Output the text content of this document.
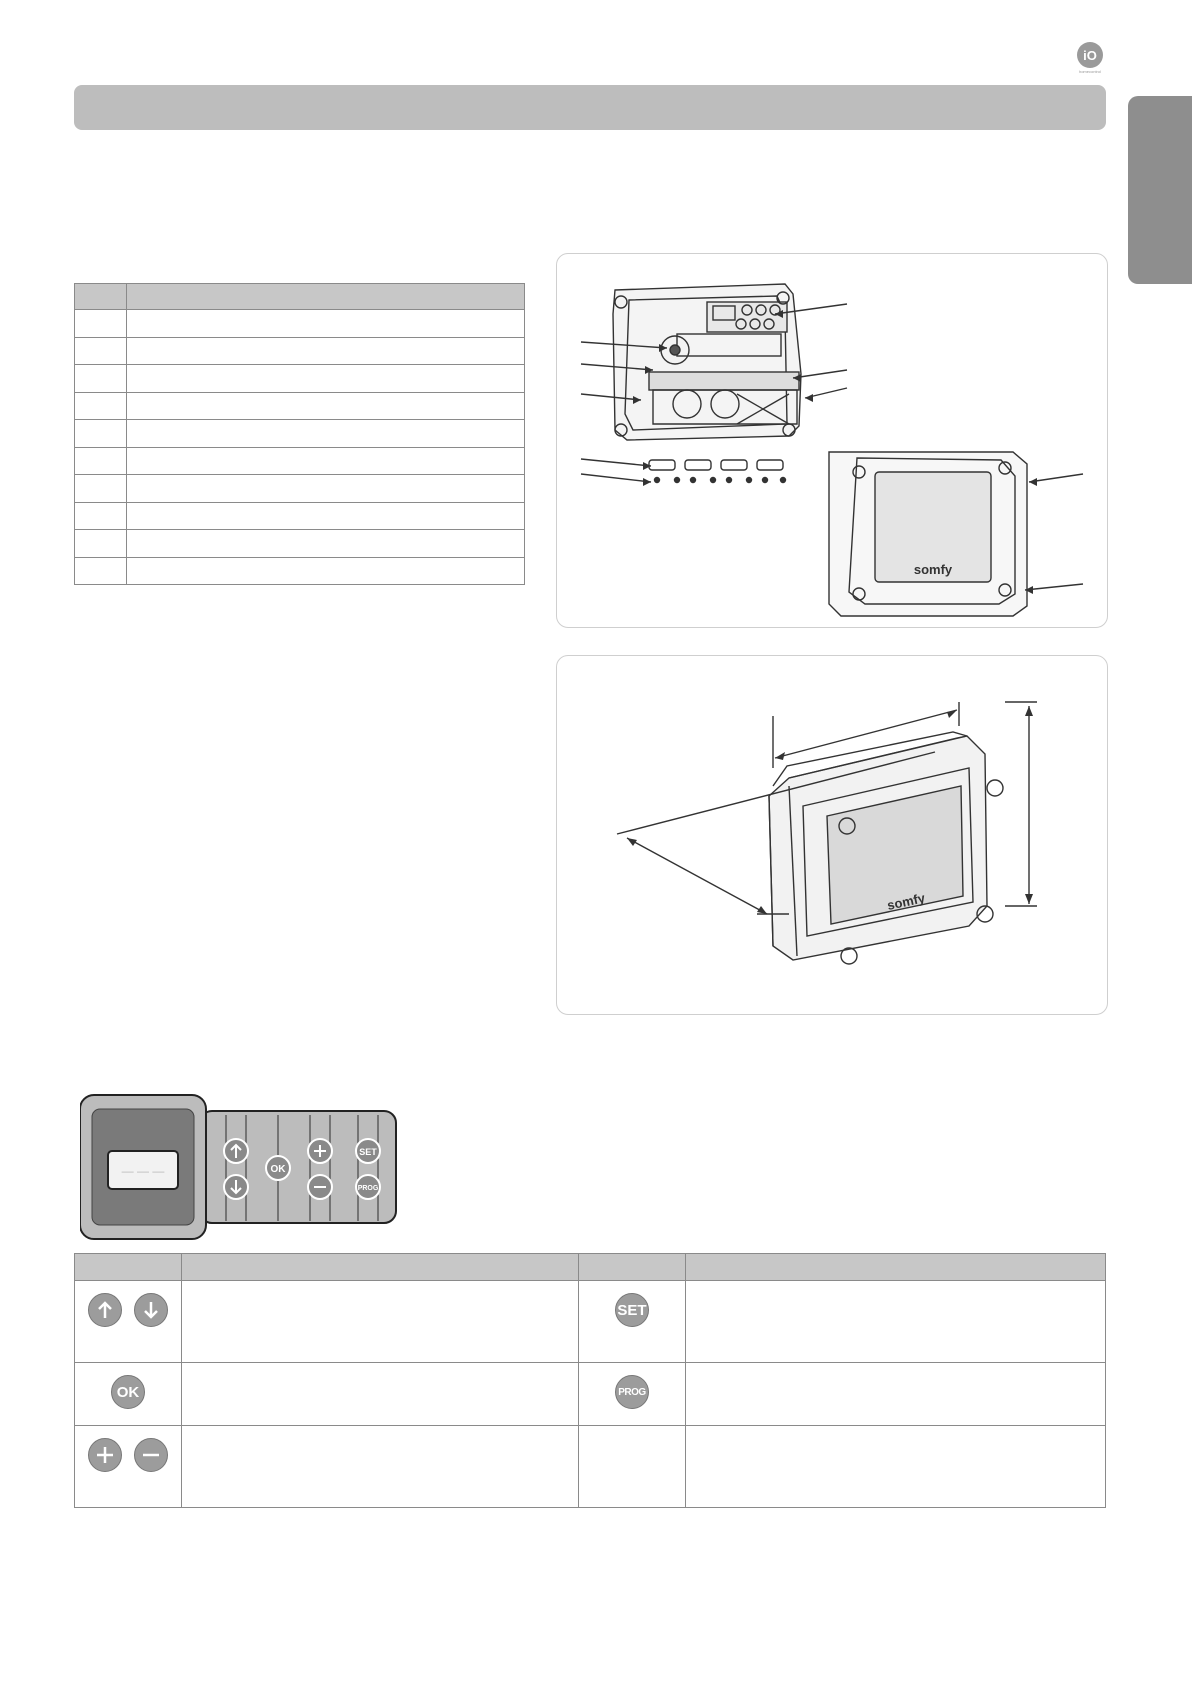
iO
homecontrol

somfy
somfy
— — —	OK
SET
PROG

		SET	
OK		PROG	
